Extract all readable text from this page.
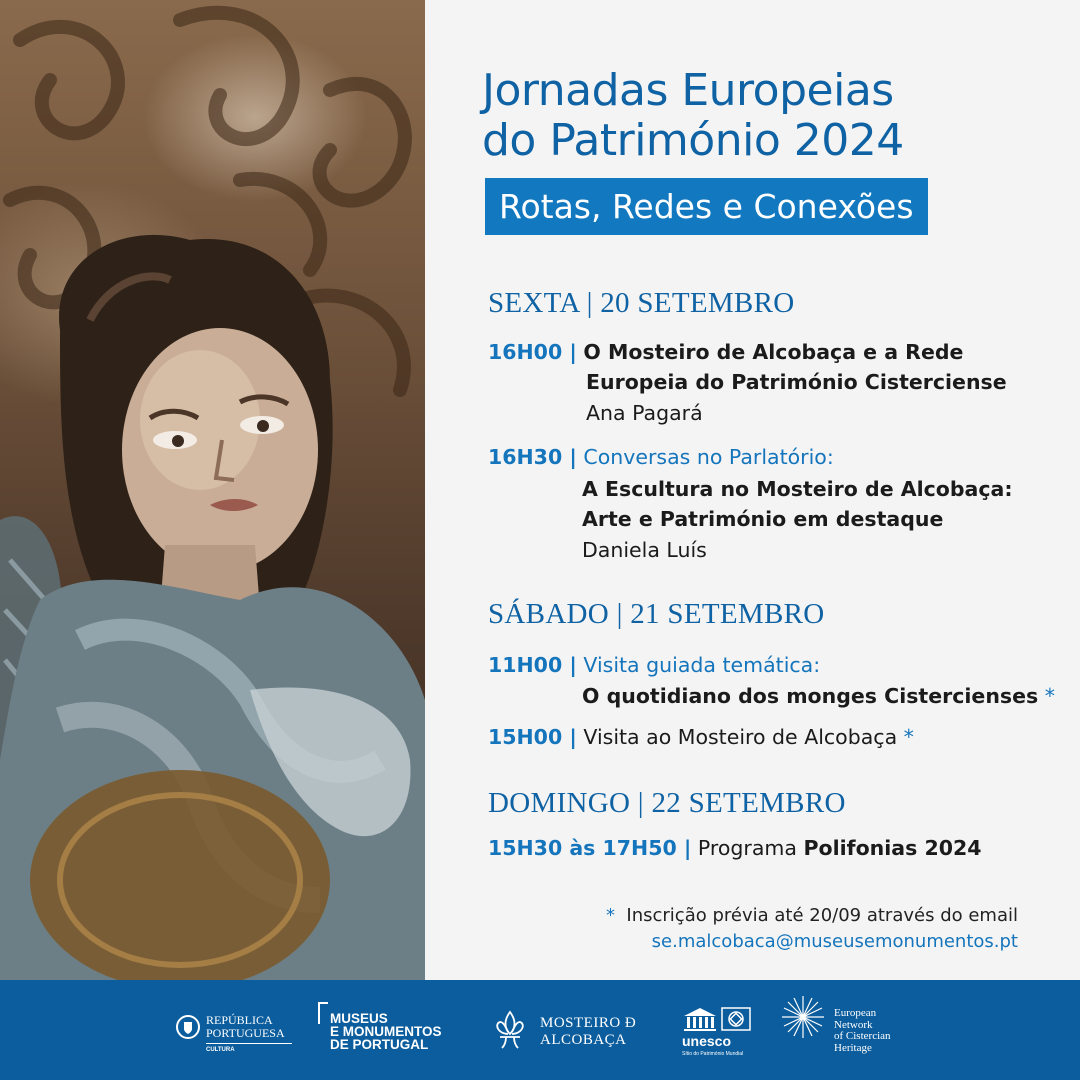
Jornadas Europeias
do Património 2024
Rotas, Redes e Conexões
SEXTA | 20 SETEMBRO
16H00 | O Mosteiro de Alcobaça e a Rede
Europeia do Património Cisterciense
Ana Pagará
16H30 | Conversas no Parlatório:
A Escultura no Mosteiro de Alcobaça:
Arte e Património em destaque
Daniela Luís
SÁBADO | 21 SETEMBRO
11H00 | Visita guiada temática:
O quotidiano dos monges Cistercienses *
15H00 | Visita ao Mosteiro de Alcobaça *
DOMINGO | 22 SETEMBRO
15H30 às 17H50 | Programa Polifonias 2024
* Inscrição prévia até 20/09 através do email
se.malcobaca@museusemonumentos.pt
REPÚBLICA
PORTUGUESA
CULTURA
MUSEUS
E MONUMENTOS
DE PORTUGAL
MOSTEIRO Ð
ALCOBAÇA	unesco
Sítio do Património Mundial
European
Network
of Cistercian
Heritage
